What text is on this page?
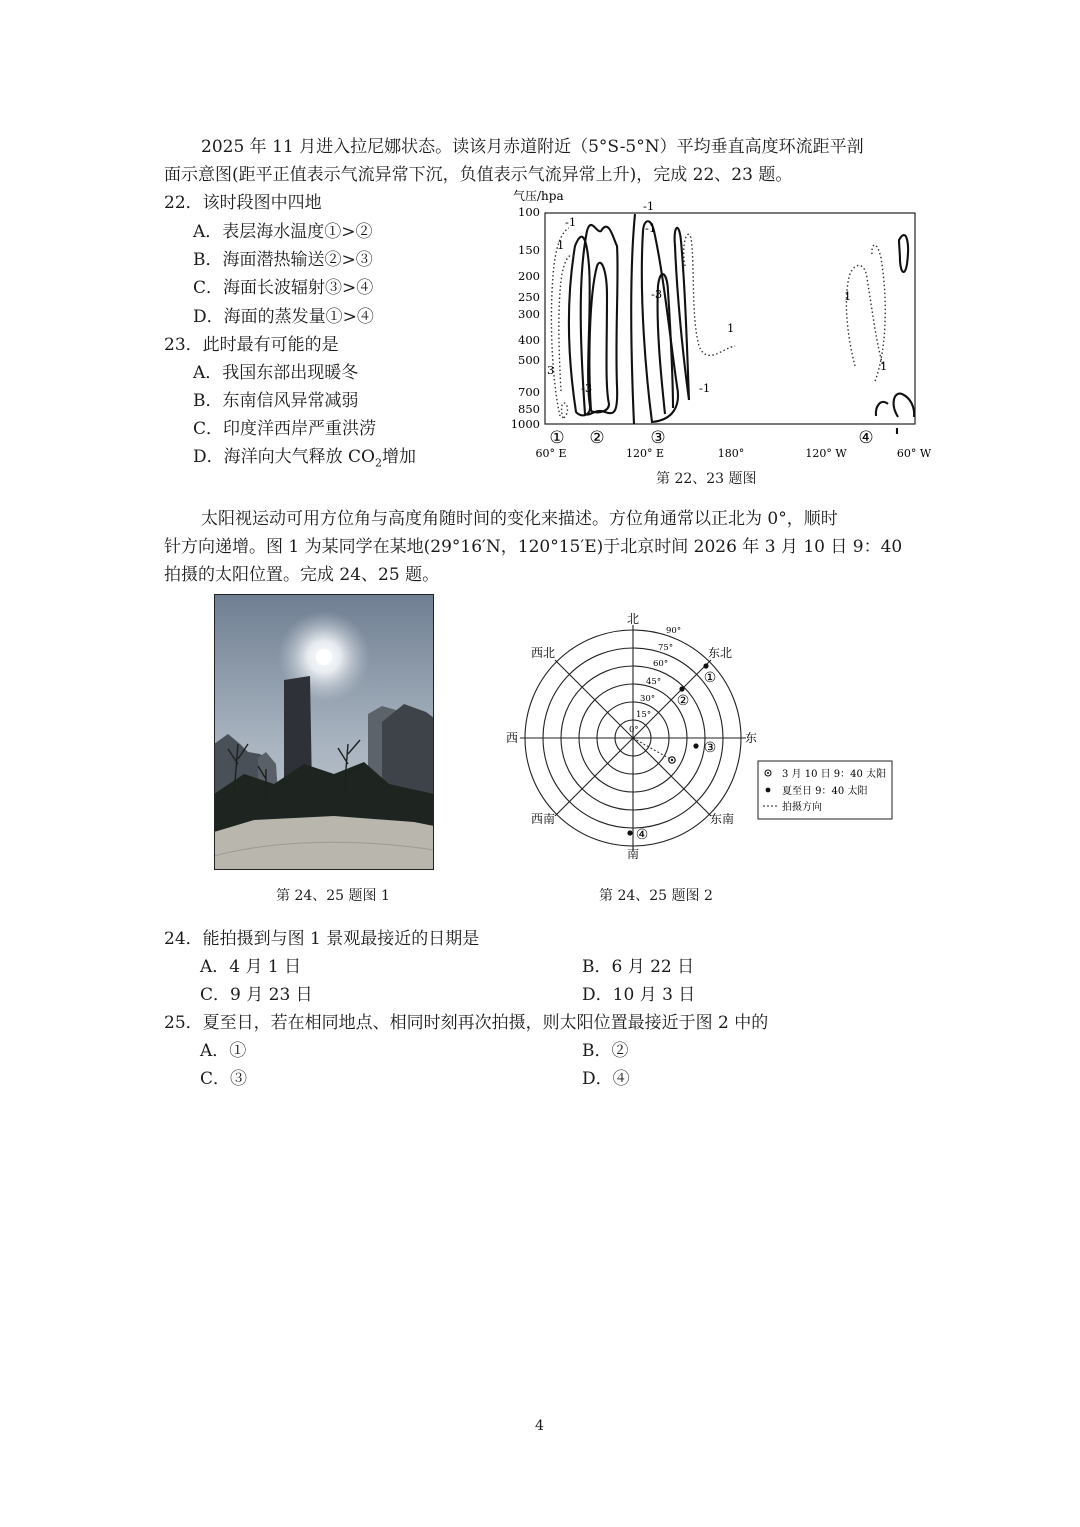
2025 年 11 月进入拉尼娜状态。读该月赤道附近（5°S-5°N）平均垂直高度环流距平剖
面示意图(距平正值表示气流异常下沉，负值表示气流异常上升)，完成 22、23 题。
22．该时段图中四地
A．表层海水温度①>②
B．海面潜热输送②>③
C．海面长波辐射③>④
D．海面的蒸发量①>④
23．此时最有可能的是
A．我国东部出现暖冬
B．东南信风异常减弱
C．印度洋西岸严重洪涝
D．海洋向大气释放 $CO_2$增加
气压/hpa
100
150
200
250
300
400
500
700
850
1000
-1
1
-1
-1
-3
1
1
3
-3	-1
1
① ②	③	④
60° E	120° E	180°	120° W	60° W
第 22、23 题图
太阳视运动可用方位角与高度角随时间的变化来描述。方位角通常以正北为 0°，顺时
针方向递增。图 1 为某同学在某地(29°16′N，120°15′E)于北京时间 2026 年 3 月 10 日 9：40
拍摄的太阳位置。完成 24、25 题。
第 24、25 题图 1
北
南
东
西
东北
西北
东南
西南
90°
75°
60°
45°
30°
15°
0°
①
②
③
④
3 月 10 日 9：40 太阳
夏至日 9：40 太阳
拍摄方向
第 24、25 题图 2
24．能拍摄到与图 1 景观最接近的日期是
A．4 月 1 日	B．6 月 22 日
C．9 月 23 日	D．10 月 3 日
25．夏至日，若在相同地点、相同时刻再次拍摄，则太阳位置最接近于图 2 中的
A．①	B．②
C．③	D．④
4
